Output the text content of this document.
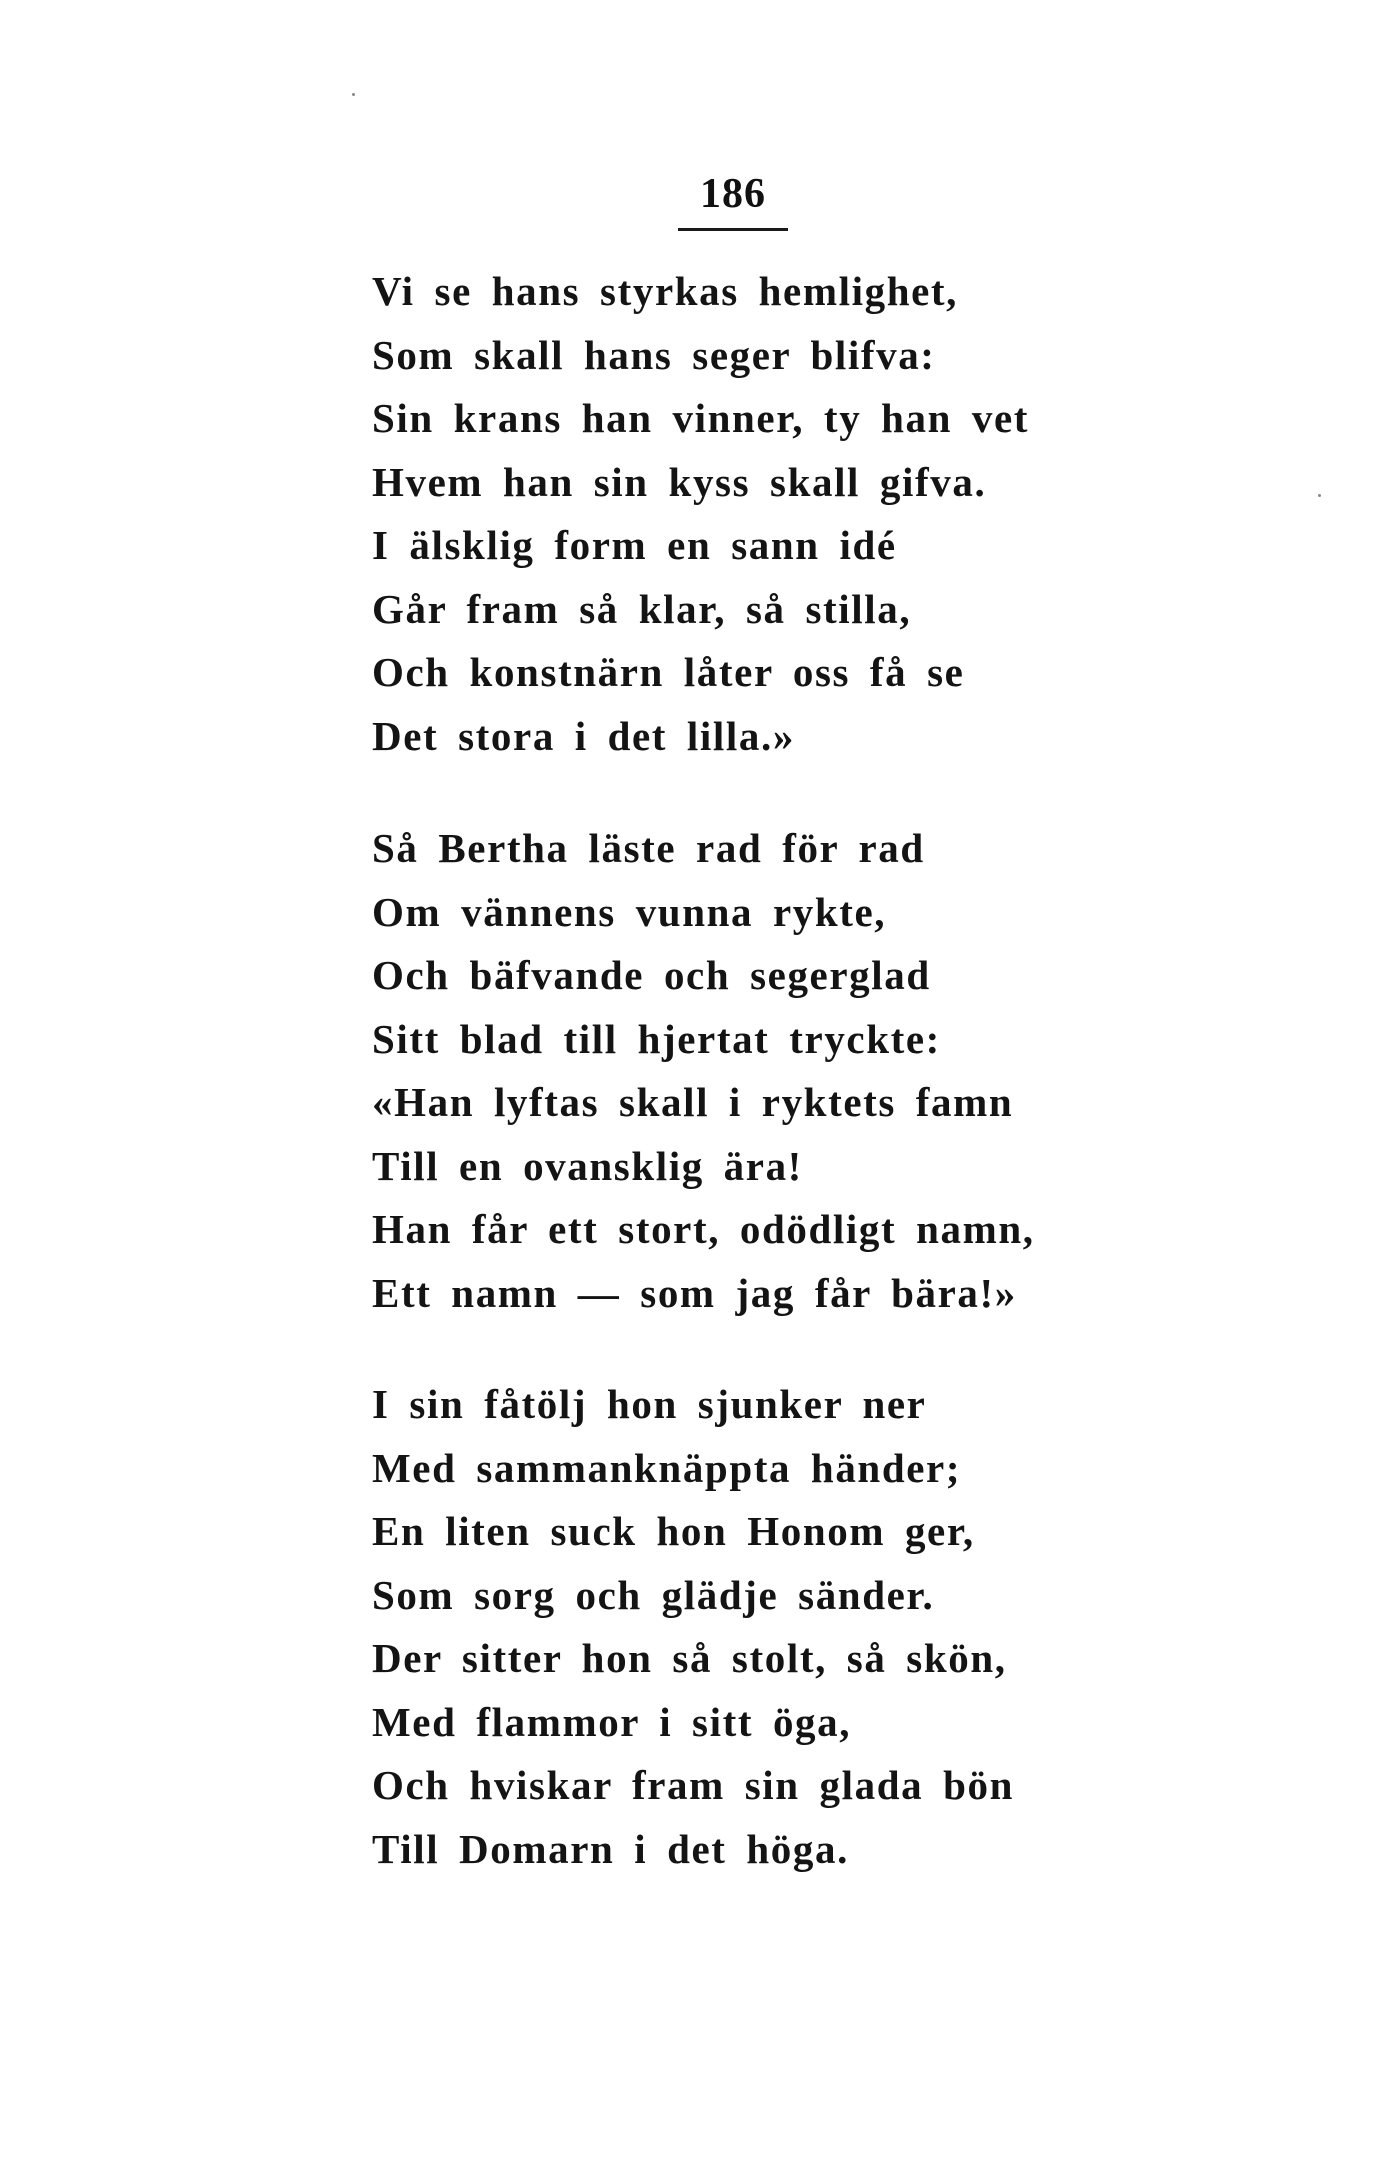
186
Vi se hans styrkas hemlighet,
Som skall hans seger blifva:
Sin krans han vinner, ty han vet
Hvem han sin kyss skall gifva.
I älsklig form en sann idé
Går fram så klar, så stilla,
Och konstnärn låter oss få se
Det stora i det lilla.»
Så Bertha läste rad för rad
Om vännens vunna rykte,
Och bäfvande och segerglad
Sitt blad till hjertat tryckte:
«Han lyftas skall i ryktets famn
Till en ovansklig ära!
Han får ett stort, odödligt namn,
Ett namn — som jag får bära!»
I sin fåtölj hon sjunker ner
Med sammanknäppta händer;
En liten suck hon Honom ger,
Som sorg och glädje sänder.
Der sitter hon så stolt, så skön,
Med flammor i sitt öga,
Och hviskar fram sin glada bön
Till Domarn i det höga.
